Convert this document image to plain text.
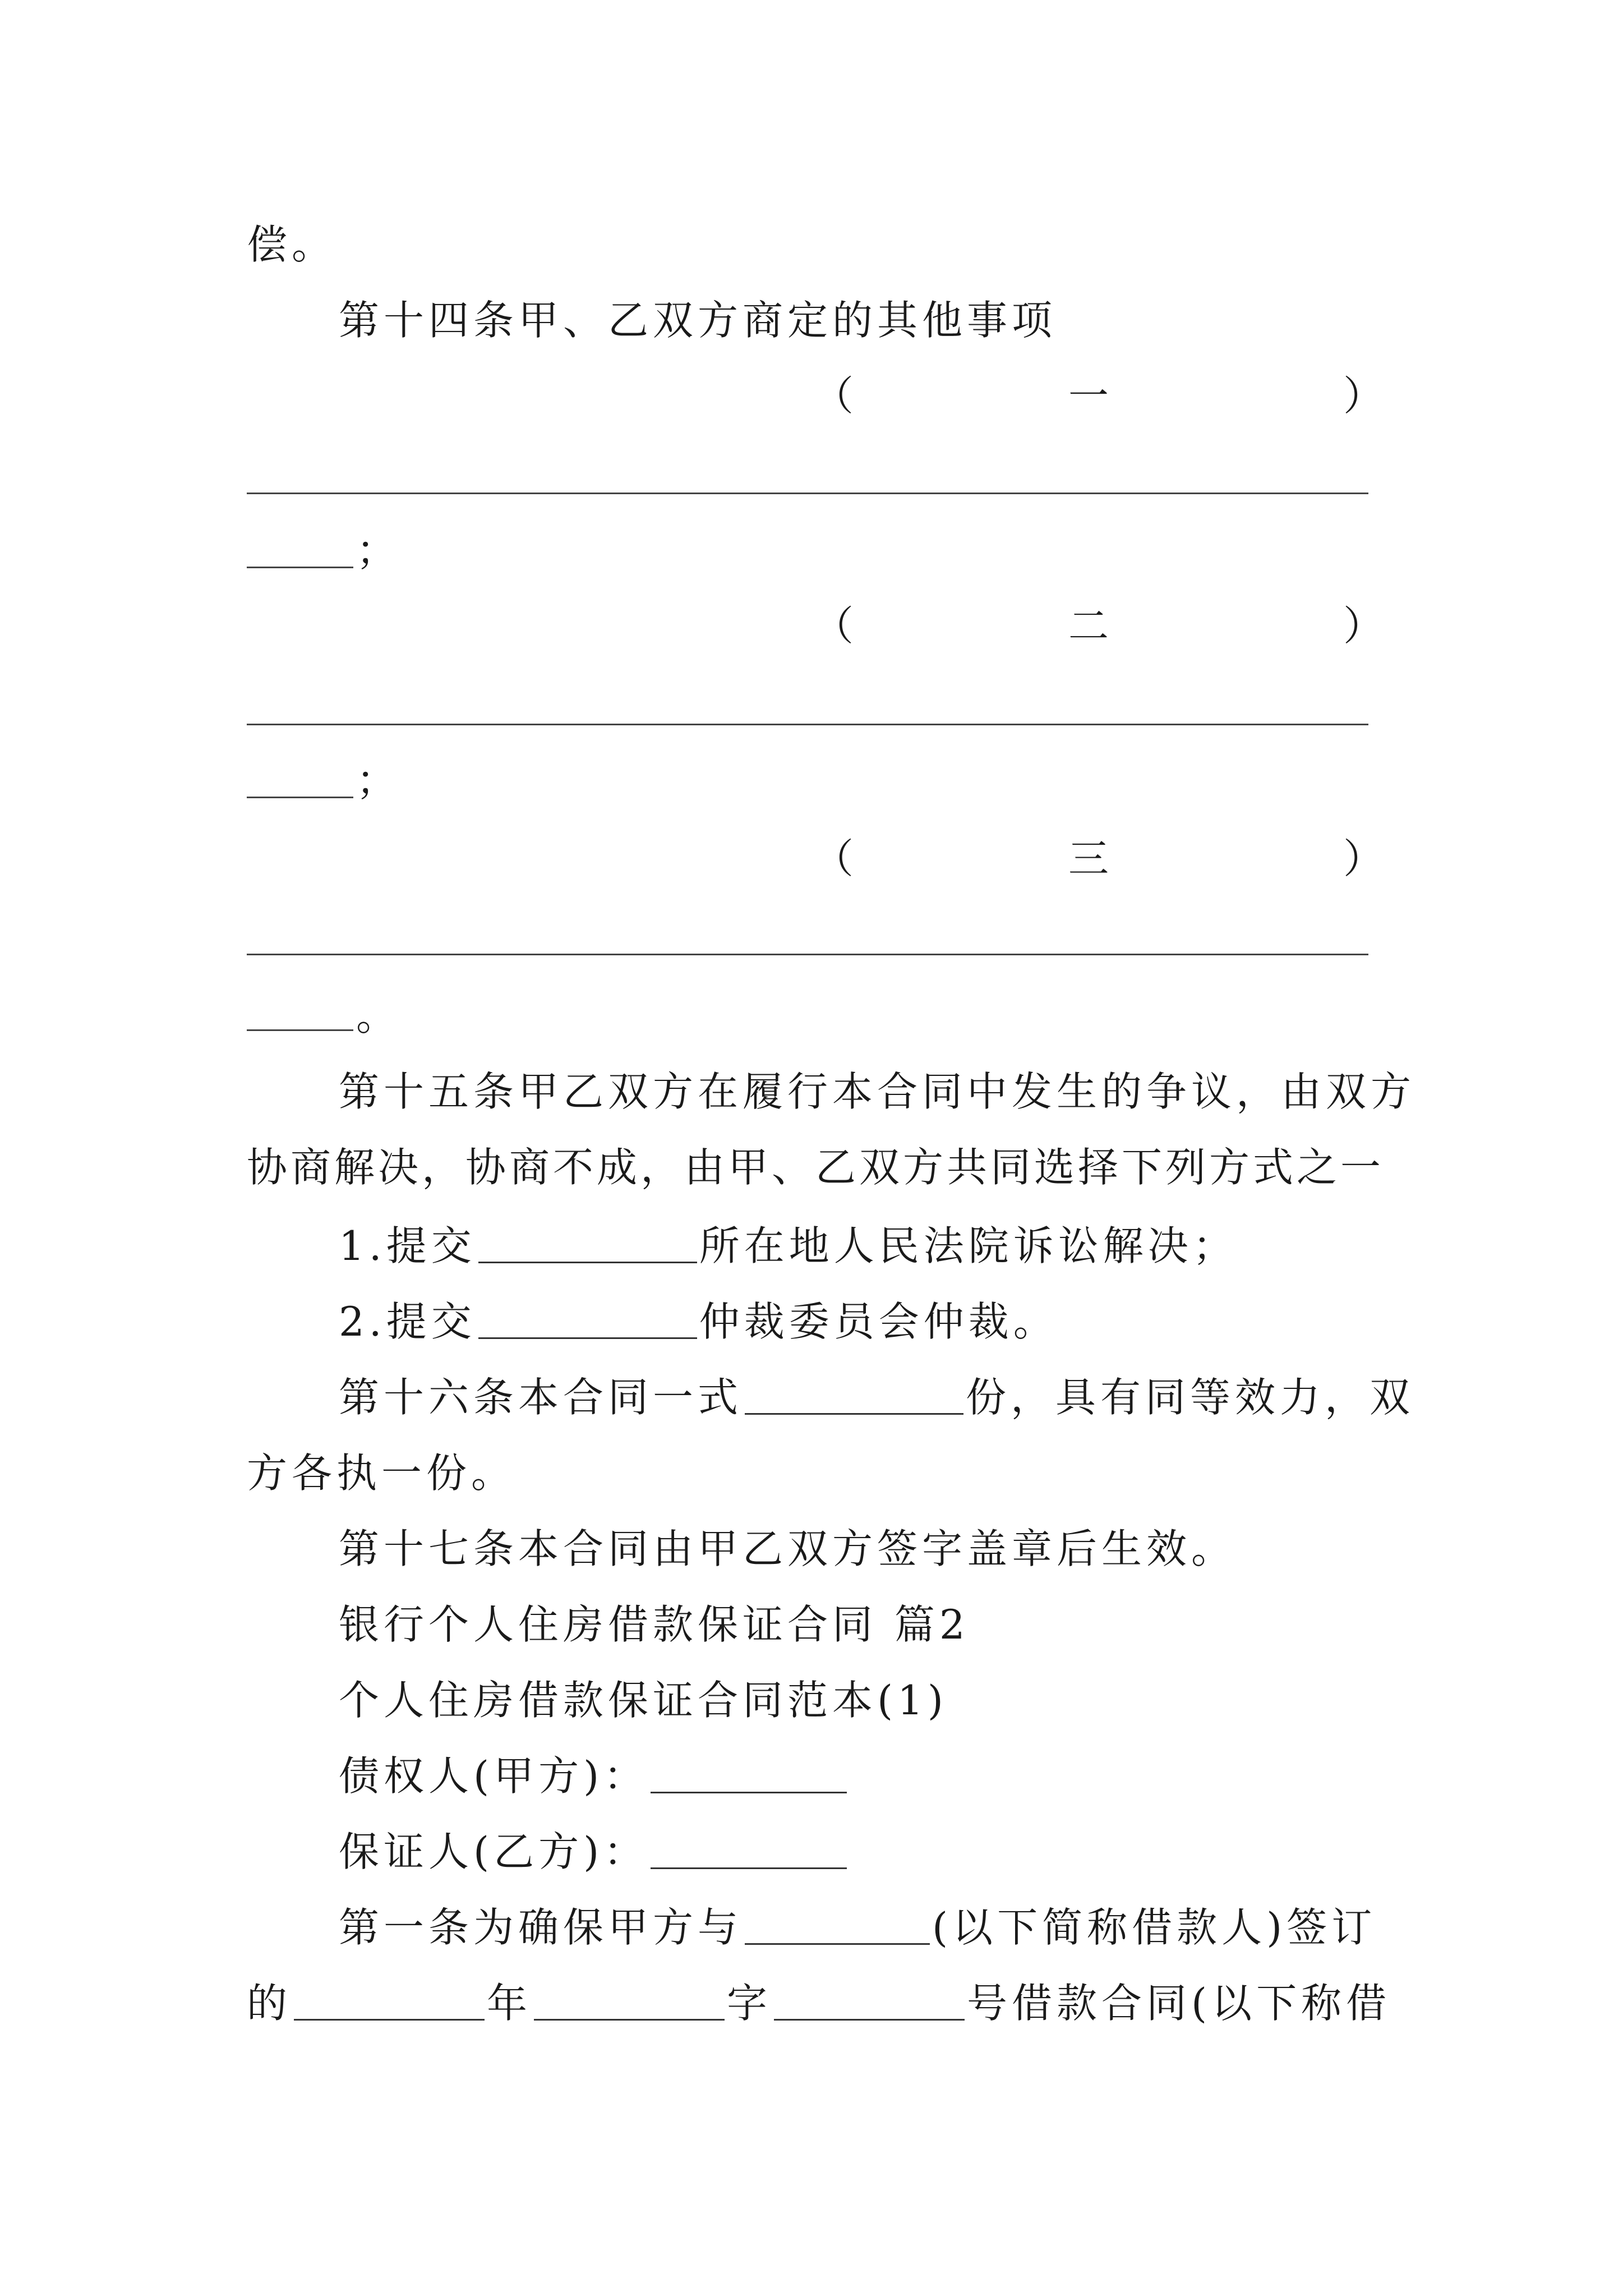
偿。
第十四条甲、乙双方商定的其他事项
（	一	）
；
（	二	）
；
（	三	）
。
第十五条甲乙双方在履行本合同中发生的争议，由双方
协商解决，协商不成，由甲、乙双方共同选择下列方式之一
1.提交	所在地人民法院诉讼解决；
2.提交	仲裁委员会仲裁。
第十六条本合同一式	份，具有同等效力，双
方各执一份。
第十七条本合同由甲乙双方签字盖章后生效。
银行个人住房借款保证合同 篇2
个人住房借款保证合同范本(1)
债权人(甲方)：
保证人(乙方)：
第一条为确保甲方与	(以下简称借款人)签订
的	年	字	号借款合同(以下称借
